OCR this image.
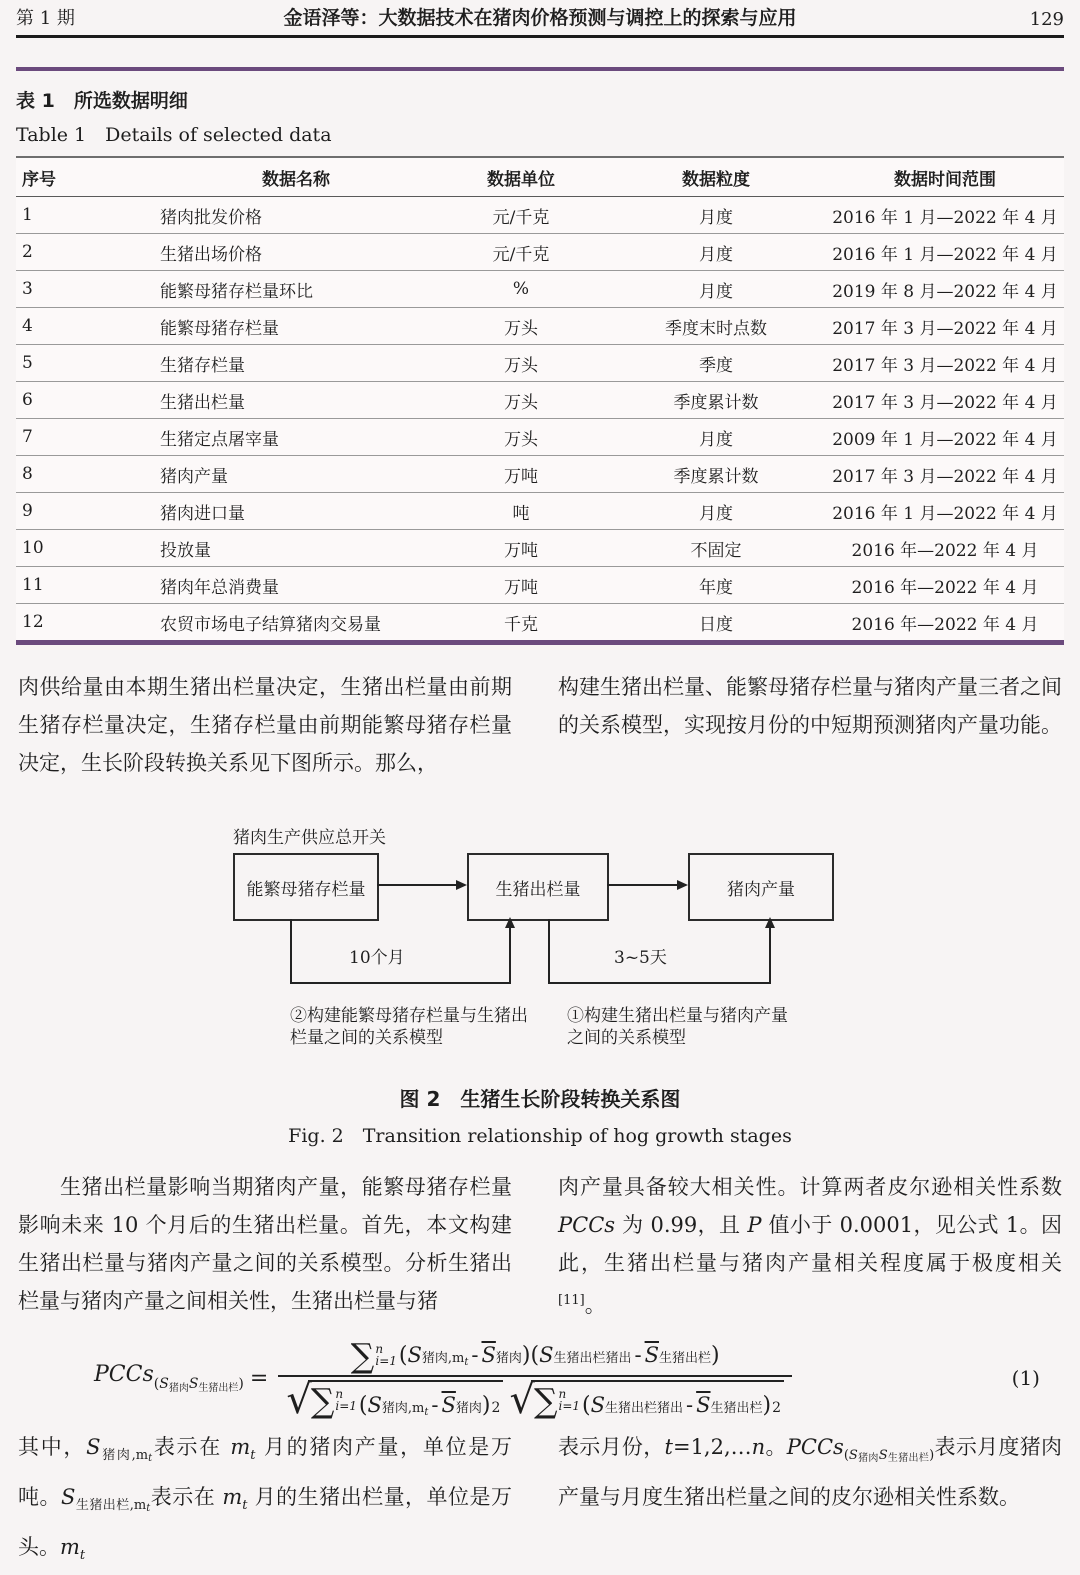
第 1 期	金语泽等：大数据技术在猪肉价格预测与调控上的探索与应用	129
表 1　所选数据明细
Table 1　Details of selected data
序号	数据名称	数据单位	数据粒度	数据时间范围
1	猪肉批发价格	元/千克	月度	2016 年 1 月—2022 年 4 月
2	生猪出场价格	元/千克	月度	2016 年 1 月—2022 年 4 月
3	能繁母猪存栏量环比	%	月度	2019 年 8 月—2022 年 4 月
4	能繁母猪存栏量	万头	季度末时点数	2017 年 3 月—2022 年 4 月
5	生猪存栏量	万头	季度	2017 年 3 月—2022 年 4 月
6	生猪出栏量	万头	季度累计数	2017 年 3 月—2022 年 4 月
7	生猪定点屠宰量	万头	月度	2009 年 1 月—2022 年 4 月
8	猪肉产量	万吨	季度累计数	2017 年 3 月—2022 年 4 月
9	猪肉进口量	吨	月度	2016 年 1 月—2022 年 4 月
10	投放量	万吨	不固定	2016 年—2022 年 4 月
11	猪肉年总消费量	万吨	年度	2016 年—2022 年 4 月
12	农贸市场电子结算猪肉交易量	千克	日度	2016 年—2022 年 4 月

肉供给量由本期生猪出栏量决定，生猪出栏量由前期生猪存栏量决定，生猪存栏量由前期能繁母猪存栏量决定，生长阶段转换关系见下图所示。那么，

构建生猪出栏量、能繁母猪存栏量与猪肉产量三者之间的关系模型，实现按月份的中短期预测猪肉产量功能。

猪肉生产供应总开关
能繁母猪存栏量	生猪出栏量	猪肉产量
10个月	3~5天
②构建能繁母猪存栏量与生猪出
栏量之间的关系模型
①构建生猪出栏量与猪肉产量
之间的关系模型
图 2　生猪生长阶段转换关系图
Fig. 2　Transition relationship of hog growth stages

生猪出栏量影响当期猪肉产量，能繁母猪存栏量影响未来 10 个月后的生猪出栏量。首先，本文构建生猪出栏量与猪肉产量之间的关系模型。分析生猪出栏量与猪肉产量之间相关性，生猪出栏量与猪

肉产量具备较大相关性。计算两者皮尔逊相关性系数 PCCs 为 0.99，且 P 值小于 0.0001，见公式 1。因此，生猪出栏量与猪肉产量相关程度属于极度相关[11]。

$PCCs(S_{猪肉}S_{生猪出栏})$ =
∑ n
i=1 ( S 猪肉$,m_t - \overline{S}$ 猪肉 ) ( S 生猪出栏猪出 - $\overline{S}$ 生猪出栏 )
√ ∑ n
i=1 ( S 猪肉$,m_t - \overline{S}$ 猪肉 ) 2 √ ∑ n
i=1 ( S 生猪出栏猪出 - $\overline{S}$ 生猪出栏 ) 2
(1)

其中，$S_{猪肉,mt}$表示在 $m_t$ 月的猪肉产量，单位是万吨。$S_{生猪出栏,mt}$表示在 $m_t$ 月的生猪出栏量，单位是万头。$m_t$

表示月份，t=1,2,…n。PCCs$_{(S猪肉S生猪出栏)}$表示月度猪肉产量与月度生猪出栏量之间的皮尔逊相关性系数。
